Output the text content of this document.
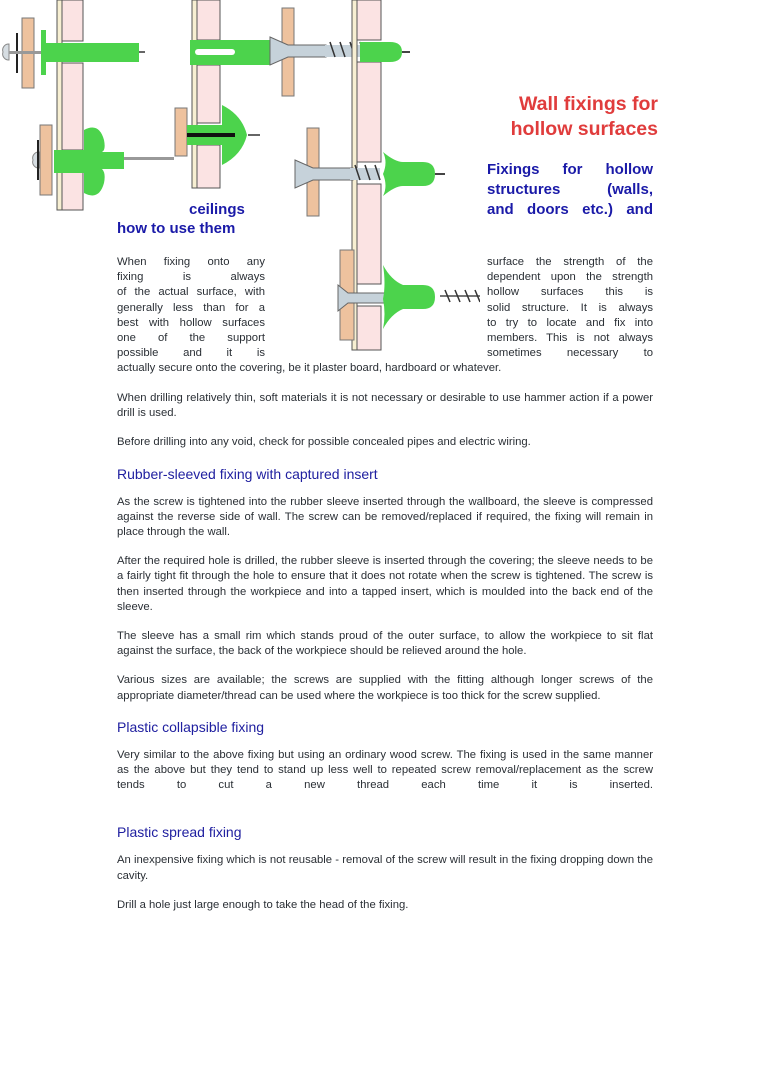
Wall fixings for
hollow surfaces
Fixings for hollow
structures (walls,
and doors etc.) and
ceilings
how to use them
When fixing onto any
fixing is always
of the actual surface, with
generally less than for a
best with hollow surfaces
one of the support
possible and it is
surface the strength of the
dependent upon the strength
hollow surfaces this is
solid structure. It is always
to try to locate and fix into
members. This is not always
sometimes necessary to
actually secure onto the covering, be it plaster board, hardboard or whatever.

When drilling relatively thin, soft materials it is not necessary or desirable to use hammer action if a power drill is used.

Before drilling into any void, check for possible concealed pipes and electric wiring.

Rubber-sleeved fixing with captured insert

As the screw is tightened into the rubber sleeve inserted through the wallboard, the sleeve is compressed against the reverse side of wall. The screw can be removed/replaced if required, the fixing will remain in place through the wall.

After the required hole is drilled, the rubber sleeve is inserted through the covering; the sleeve needs to be a fairly tight fit through the hole to ensure that it does not rotate when the screw is tightened. The screw is then inserted through the workpiece and into a tapped insert, which is moulded into the back end of the sleeve.

The sleeve has a small rim which stands proud of the outer surface, to allow the workpiece to sit flat against the surface, the back of the workpiece should be relieved around the hole.

Various sizes are available; the screws are supplied with the fitting although longer screws of the appropriate diameter/thread can be used where the workpiece is too thick for the screw supplied.

Plastic collapsible fixing

Very similar to the above fixing but using an ordinary wood screw. The fixing is used in the same manner as the above but they tend to stand up less well to repeated screw removal/replacement as the screw tends to cut a new thread each time it is inserted.

Plastic spread fixing

An inexpensive fixing which is not reusable - removal of the screw will result in the fixing dropping down the cavity.

Drill a hole just large enough to take the head of the fixing.
